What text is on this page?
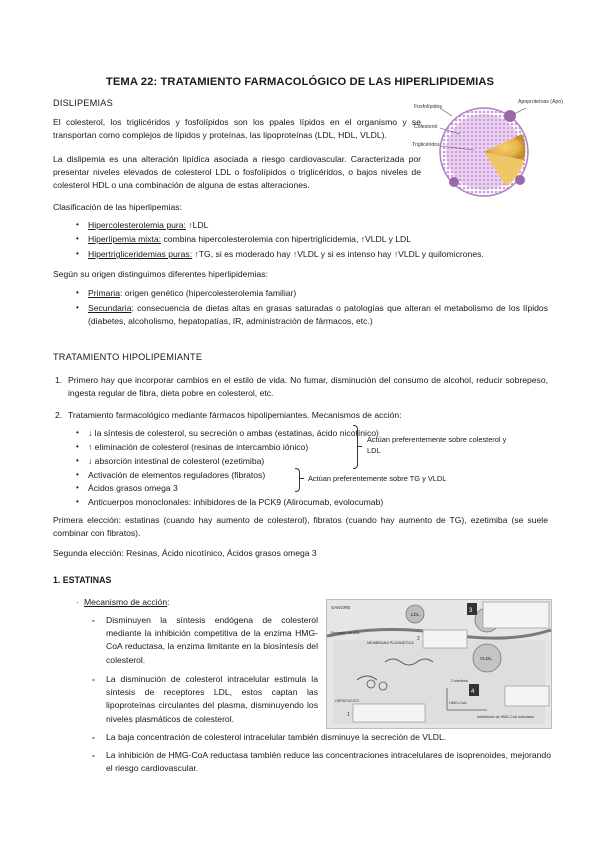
TEMA 22: TRATAMIENTO FARMACOLÓGICO DE LAS HIPERLIPIDEMIAS
DISLIPEMIAS	Fosfolípidos
Colesterol
Triglicéridos
Apoproteínas (Apo)
El colesterol, los triglicéridos y fosfolípidos son los ppales lípidos en el organismo y se transportan como complejos de lípidos y proteínas, las lipoproteínas (LDL, HDL, VLDL).
La dislipemia es una alteración lipídica asociada a riesgo cardiovascular. Caracterizada por presentar niveles elevados de colesterol LDL o fosfolípidos o triglicéridos, o bajos niveles de colesterol HDL o una combinación de alguna de estas alteraciones.
Clasificación de las hiperlipemias:
• Hipercolesterolemia pura: ↑LDL
• Hiperlipemia mixta: combina hipercolesterolemia con hipertriglicidemia, ↑VLDL y LDL
• Hipertrigliceridemias puras: ↑TG, si es moderado hay ↑VLDL y si es intenso hay ↑VLDL y quilomicrones.
Según su origen distinguimos diferentes hiperlipidemias:
• Primaria: origen genético (hipercolesterolemia familiar)
• Secundaria: consecuencia de dietas altas en grasas saturadas o patologías que alteran el metabolismo de los lípidos (diabetes, alcoholismo, hepatopatías, IR, administración de fármacos, etc.)
TRATAMIENTO HIPOLIPEMIANTE
1. Primero hay que incorporar cambios en el estilo de vida. No fumar, disminución del consumo de alcohol, reducir sobrepeso, ingesta regular de fibra, dieta pobre en colesterol, etc.
2. Tratamiento farmacológico mediante fármacos hipolipemiantes. Mecanismos de acción:
• ↓ la síntesis de colesterol, su secreción o ambas (estatinas, ácido nicotínico)
• ↑ eliminación de colesterol (resinas de intercambio iónico)
• ↓ absorción intestinal de colesterol (ezetimiba)
• Activación de elementos reguladores (fibratos)
• Ácidos grasos omega 3
• Anticuerpos monoclonales: inhibidores de la PCK9 (Alirocumab, evolocumab)
Actúan preferentemente sobre colesterol y LDL
Actúan preferentemente sobre TG y VLDL
Primera elección: estatinas (cuando hay aumento de colesterol), fibratos (cuando hay aumento de TG), ezetimiba (se suele combinar con fibratos).
Segunda elección: Resinas, Ácido nicotínico, Ácidos grasos omega 3
1. ESTATINAS
· Mecanismo de acción:
- Disminuyen la síntesis endógena de colesterol mediante la inhibición competitiva de la enzima HMG-CoA reductasa, la enzima limitante en la biosíntesis del colesterol.
- La disminución de colesterol intracelular estimula la síntesis de receptores LDL, estos captan las lipoproteínas circulantes del plasma, disminuyendo los niveles plasmáticos de colesterol.
- La baja concentración de colesterol intracelular también disminuye la secreción de VLDL.
- La inhibición de HMG-CoA reductasa también reduce las concentraciones intracelulares de isoprenoides, mejorando el riesgo cardiovascular.
SANGRE
LDL
VLDL
MEMBRANA PLASMÁTICA
Receptor de LDL
HMG-CoA
Inhibidores de HMG-CoA reductasa
Colesterol
HEPATOCITO
3
4
2
1
